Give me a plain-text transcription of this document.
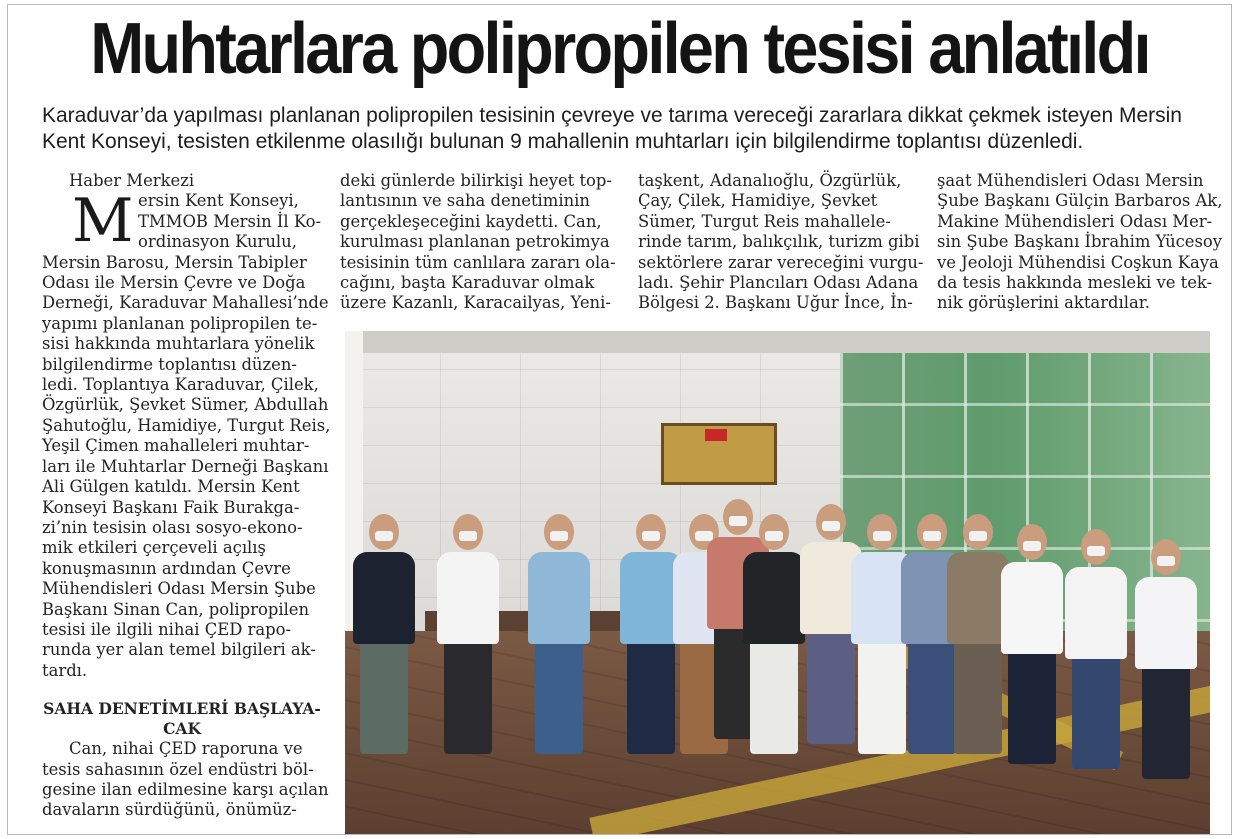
Muhtarlara polipropilen tesisi anlatıldı
Karaduvar’da yapılması planlanan polipropilen tesisinin çevreye ve tarıma vereceği zararlara dikkat çekmek isteyen Mersin Kent Konseyi, tesisten etkilenme olasılığı bulunan 9 mahallenin muhtarları için bilgilendirme toplantısı düzenledi.

Haber Merkezi

M ersin Kent Konseyi,

TMMOB Mersin İl Ko-

ordinasyon Kurulu,

Mersin Barosu, Mersin Tabipler

Odası ile Mersin Çevre ve Doğa

Derneği, Karaduvar Mahallesi’nde

yapımı planlanan polipropilen te-

sisi hakkında muhtarlara yönelik

bilgilendirme toplantısı düzen-

ledi. Toplantıya Karaduvar, Çilek,

Özgürlük, Şevket Sümer, Abdullah

Şahutoğlu, Hamidiye, Turgut Reis,

Yeşil Çimen mahalleleri muhtar-

ları ile Muhtarlar Derneği Başkanı

Ali Gülgen katıldı. Mersin Kent

Konseyi Başkanı Faik Burakga-

zi’nin tesisin olası sosyo-ekono-

mik etkileri çerçeveli açılış

konuşmasının ardından Çevre

Mühendisleri Odası Mersin Şube

Başkanı Sinan Can, polipropilen

tesisi ile ilgili nihai ÇED rapo-

runda yer alan temel bilgileri ak-

tardı.

SAHA DENETİMLERİ BAŞLAYA-

CAK

Can, nihai ÇED raporuna ve

tesis sahasının özel endüstri böl-

gesine ilan edilmesine karşı açılan

davaların sürdüğünü, önümüz-

deki günlerde bilirkişi heyet top-

lantısının ve saha denetiminin

gerçekleşeceğini kaydetti. Can,

kurulması planlanan petrokimya

tesisinin tüm canlılara zararı ola-

cağını, başta Karaduvar olmak

üzere Kazanlı, Karacailyas, Yeni-

taşkent, Adanalıoğlu, Özgürlük,

Çay, Çilek, Hamidiye, Şevket

Sümer, Turgut Reis mahallele-

rinde tarım, balıkçılık, turizm gibi

sektörlere zarar vereceğini vurgu-

ladı. Şehir Plancıları Odası Adana

Bölgesi 2. Başkanı Uğur İnce, İn-

şaat Mühendisleri Odası Mersin

Şube Başkanı Gülçin Barbaros Ak,

Makine Mühendisleri Odası Mer-

sin Şube Başkanı İbrahim Yücesoy

ve Jeoloji Mühendisi Coşkun Kaya

da tesis hakkında mesleki ve tek-

nik görüşlerini aktardılar.
